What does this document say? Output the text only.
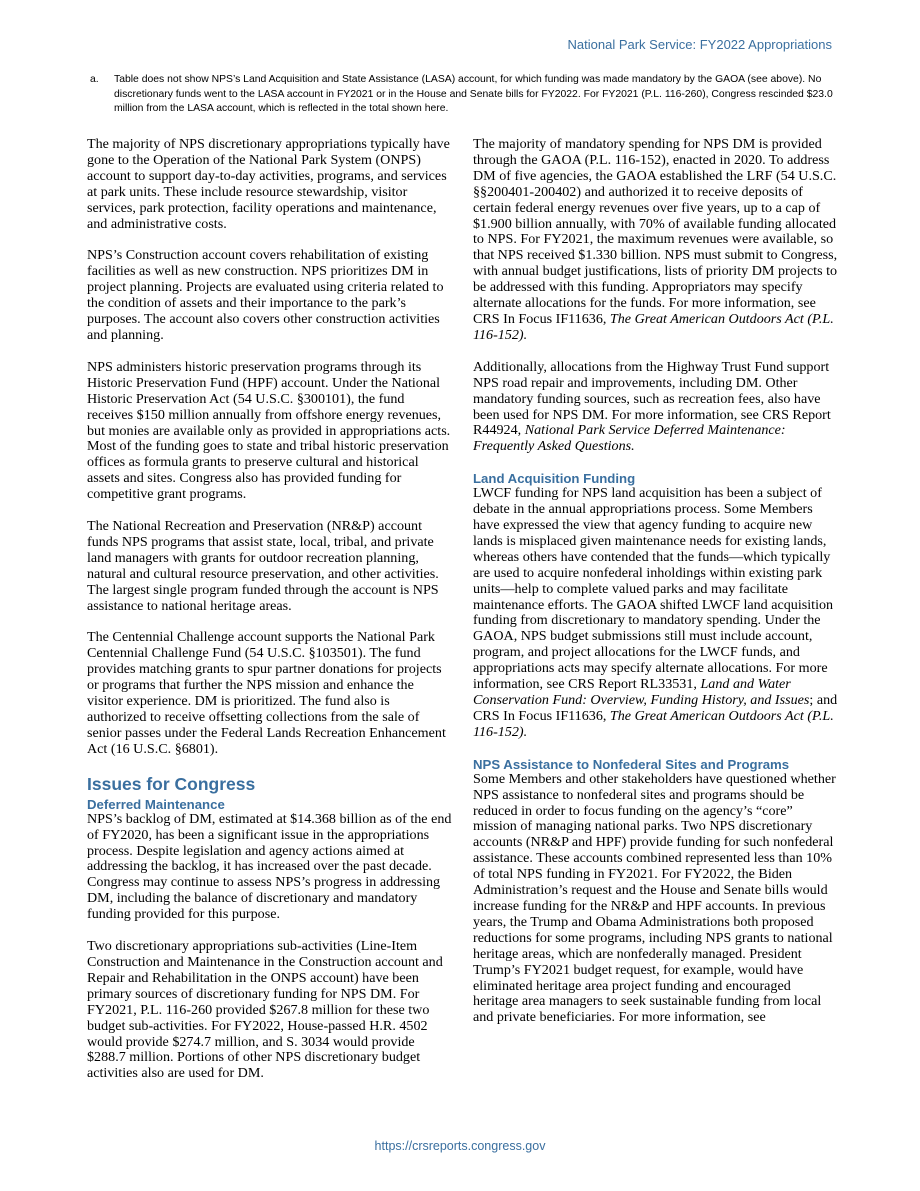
National Park Service: FY2022 Appropriations
a. Table does not show NPS’s Land Acquisition and State Assistance (LASA) account, for which funding was made mandatory by the GAOA (see above). No discretionary funds went to the LASA account in FY2021 or in the House and Senate bills for FY2022. For FY2021 (P.L. 116-260), Congress rescinded $23.0 million from the LASA account, which is reflected in the total shown here.

The majority of NPS discretionary appropriations typically have gone to the Operation of the National Park System (ONPS) account to support day-to-day activities, programs, and services at park units. These include resource stewardship, visitor services, park protection, facility operations and maintenance, and administrative costs.

NPS’s Construction account covers rehabilitation of existing facilities as well as new construction. NPS prioritizes DM in project planning. Projects are evaluated using criteria related to the condition of assets and their importance to the park’s purposes. The account also covers other construction activities and planning.

NPS administers historic preservation programs through its Historic Preservation Fund (HPF) account. Under the National Historic Preservation Act (54 U.S.C. §300101), the fund receives $150 million annually from offshore energy revenues, but monies are available only as provided in appropriations acts. Most of the funding goes to state and tribal historic preservation offices as formula grants to preserve cultural and historical assets and sites. Congress also has provided funding for competitive grant programs.

The National Recreation and Preservation (NR&P) account funds NPS programs that assist state, local, tribal, and private land managers with grants for outdoor recreation planning, natural and cultural resource preservation, and other activities. The largest single program funded through the account is NPS assistance to national heritage areas.

The Centennial Challenge account supports the National Park Centennial Challenge Fund (54 U.S.C. §103501). The fund provides matching grants to spur partner donations for projects or programs that further the NPS mission and enhance the visitor experience. DM is prioritized. The fund also is authorized to receive offsetting collections from the sale of senior passes under the Federal Lands Recreation Enhancement Act (16 U.S.C. §6801).

Issues for Congress
Deferred Maintenance

NPS’s backlog of DM, estimated at $14.368 billion as of the end of FY2020, has been a significant issue in the appropriations process. Despite legislation and agency actions aimed at addressing the backlog, it has increased over the past decade. Congress may continue to assess NPS’s progress in addressing DM, including the balance of discretionary and mandatory funding provided for this purpose.

Two discretionary appropriations sub-activities (Line-Item Construction and Maintenance in the Construction account and Repair and Rehabilitation in the ONPS account) have been primary sources of discretionary funding for NPS DM. For FY2021, P.L. 116-260 provided $267.8 million for these two budget sub-activities. For FY2022, House-passed H.R. 4502 would provide $274.7 million, and S. 3034 would provide $288.7 million. Portions of other NPS discretionary budget activities also are used for DM.

The majority of mandatory spending for NPS DM is provided through the GAOA (P.L. 116-152), enacted in 2020. To address DM of five agencies, the GAOA established the LRF (54 U.S.C. §§200401-200402) and authorized it to receive deposits of certain federal energy revenues over five years, up to a cap of $1.900 billion annually, with 70% of available funding allocated to NPS. For FY2021, the maximum revenues were available, so that NPS received $1.330 billion. NPS must submit to Congress, with annual budget justifications, lists of priority DM projects to be addressed with this funding. Appropriators may specify alternate allocations for the funds. For more information, see CRS In Focus IF11636, The Great American Outdoors Act (P.L. 116-152).

Additionally, allocations from the Highway Trust Fund support NPS road repair and improvements, including DM. Other mandatory funding sources, such as recreation fees, also have been used for NPS DM. For more information, see CRS Report R44924, National Park Service Deferred Maintenance: Frequently Asked Questions.

Land Acquisition Funding

LWCF funding for NPS land acquisition has been a subject of debate in the annual appropriations process. Some Members have expressed the view that agency funding to acquire new lands is misplaced given maintenance needs for existing lands, whereas others have contended that the funds—which typically are used to acquire nonfederal inholdings within existing park units—help to complete valued parks and may facilitate maintenance efforts. The GAOA shifted LWCF land acquisition funding from discretionary to mandatory spending. Under the GAOA, NPS budget submissions still must include account, program, and project allocations for the LWCF funds, and appropriations acts may specify alternate allocations. For more information, see CRS Report RL33531, Land and Water Conservation Fund: Overview, Funding History, and Issues; and CRS In Focus IF11636, The Great American Outdoors Act (P.L. 116-152).

NPS Assistance to Nonfederal Sites and Programs

Some Members and other stakeholders have questioned whether NPS assistance to nonfederal sites and programs should be reduced in order to focus funding on the agency’s “core” mission of managing national parks. Two NPS discretionary accounts (NR&P and HPF) provide funding for such nonfederal assistance. These accounts combined represented less than 10% of total NPS funding in FY2021. For FY2022, the Biden Administration’s request and the House and Senate bills would increase funding for the NR&P and HPF accounts. In previous years, the Trump and Obama Administrations both proposed reductions for some programs, including NPS grants to national heritage areas, which are nonfederally managed. President Trump’s FY2021 budget request, for example, would have eliminated heritage area project funding and encouraged heritage area managers to seek sustainable funding from local and private beneficiaries. For more information, see

https://crsreports.congress.gov
